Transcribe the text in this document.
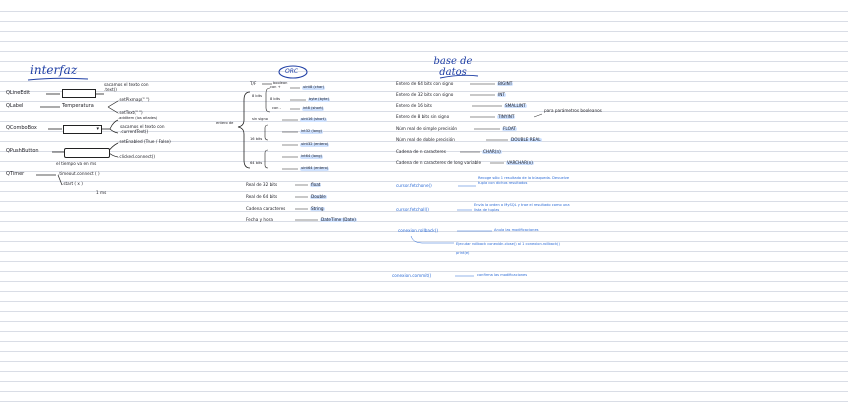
interfaz
QLineEdit
sacamos el texto con .text()
QLabel	Temperatura
.setPixmap(" ")
.setText(" ")
QComboBox	▾
.addItem (los añades)
sacamos el texto con .currentText()
QPushButton
.setEnabled (True / False)
.clicked.connect()
el tiempo va en ms
QTimer	.timeout.connect ( )
.start ( x )
1 ms
ORC
T/F	boolean
entero de
8 bits
con +	uint8 (char)
8 bits	byte (byte)
con -	int8 (short)
sin signo	uint16 (short)
16 bits
int32 (long)
uint32 (entero)
64 bits
int64 (long)
uint64 (entero)
Real de 32 bits	float
Real de 64 bits	Double
Cadena caracteres	String
Fecha y hora	DateTime (Date)
base de datos
Entero de 64 bits con signo	BIGINT
Entero de 32 bits con signo	INT
Entero de 16 bits	SMALLINT
Entero de 8 bits sin signo	TINYINT
para parámetros booleanos
Núm real de simple precisión	FLOAT
Núm real de doble precisión	DOUBLE REAL
Cadena de n caracteres	CHAR(n)
Cadena de n caracteres de long variable	VARCHAR(n)
cursor.fetchone()
Recoge sólo 1 resultado de la búsqueda. Devuelve tupla con dichos resultados
cursor.fetchall()
Envía la orden a MySQL y trae el resultado como una lista de tuplas
conexion.rollback()	Anula las modificaciones
Ejecutar rollback conexión.close() al 1 conexion.rollback() print(e)
conexion.commit()	confirma las modificaciones
